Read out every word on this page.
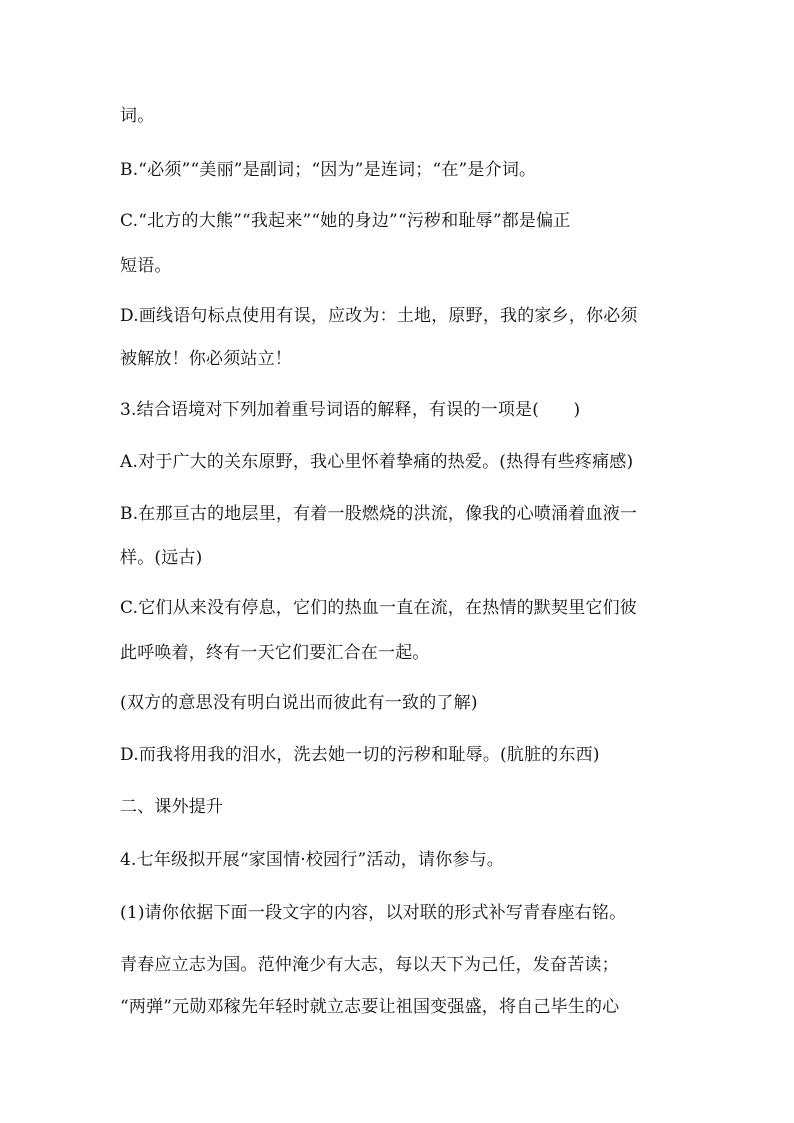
词。
B.“必须”“美丽”是副词；“因为”是连词；“在”是介词。
C.“北方的大熊”“我起来”“她的身边”“污秽和耻辱”都是偏正
短语。
D.画线语句标点使用有误，应改为：土地，原野，我的家乡，你必须
被解放！你必须站立！
3.结合语境对下列加着重号词语的解释，有误的一项是(　　)
A.对于广大的关东原野，我心里怀着挚痛的热爱。(热得有些疼痛感)
B.在那亘古的地层里，有着一股燃烧的洪流，像我的心喷涌着血液一
样。(远古)
C.它们从来没有停息，它们的热血一直在流，在热情的默契里它们彼
此呼唤着，终有一天它们要汇合在一起。
(双方的意思没有明白说出而彼此有一致的了解)
D.而我将用我的泪水，洗去她一切的污秽和耻辱。(肮脏的东西)
二、课外提升
4.七年级拟开展“家国情·校园行”活动，请你参与。
(1)请你依据下面一段文字的内容，以对联的形式补写青春座右铭。
青春应立志为国。范仲淹少有大志，每以天下为己任，发奋苦读；
“两弹”元勋邓稼先年轻时就立志要让祖国变强盛，将自己毕生的心
